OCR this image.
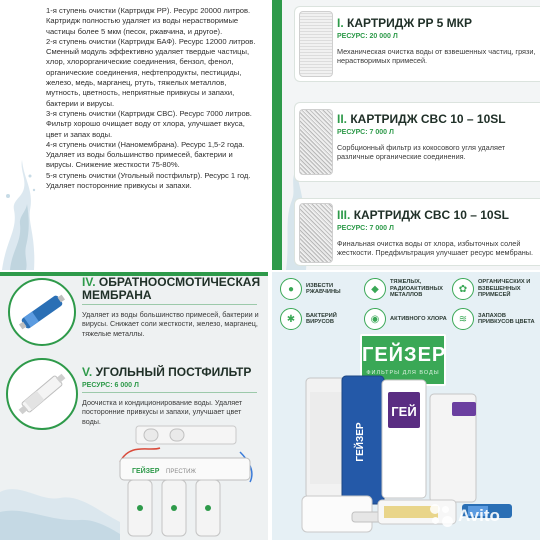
1-я ступень очистки (Картридж PP). Ресурс 20000 литров. Картридж полностью удаляет из воды нерастворимые частицы более 5 мкм (песок, ржавчина, и другое).
2-я ступень очистки (Картридж БАФ). Ресурс 12000 литров. Сменный модуль эффективно удаляет твердые частицы, хлор, хлорорганические соединения, бензол, фенол, органические соединения, нефтепродукты, пестициды, железо, медь, марганец, ртуть, тяжелых металлов, мутность, цветность, неприятные привкусы и запахи, бактерии и вирусы.
3-я ступень очистки (Картридж CBC). Ресурс 7000 литров. Фильтр хорошо очищает воду от хлора, улучшает вкуса, цвет и запах воды.
4-я ступень очистки (Наномембрана). Ресурс 1,5-2 года. Удаляет из воды большинство примесей, бактерии и вирусы. Снижение жесткости 75-80%.
5-я ступень очистки (Угольный постфильтр). Ресурс 1 год. Удаляет посторонние привкусы и запахи.
I. КАРТРИДЖ PP 5 МКР
РЕСУРС: 20 000 Л
Механическая очистка воды от взвешенных частиц, грязи, нерастворимых примесей.
II. КАРТРИДЖ CBC 10 – 10SL
РЕСУРС: 7 000 Л
Сорбционный фильтр из кокосового угля удаляет различные органические соединения.
III. КАРТРИДЖ CBC 10 – 10SL
РЕСУРС: 7 000 Л
Финальная очистка воды от хлора, избыточных солей жесткости. Предфильтрация улучшает ресурс мембраны.
IV. ОБРАТНООСМОТИЧЕСКАЯ
МЕМБРАНА
Удаляет из воды большинство примесей, бактерии и вирусы. Снижает соли жесткости, железо, марганец, тяжелые металлы.
V. УГОЛЬНЫЙ ПОСТФИЛЬТР
РЕСУРС: 6 000 Л
Доочистка и кондиционирование воды. Удаляет посторонние привкусы и запахи, улучшает цвет воды.
ГЕЙЗЕР ПРЕСТИЖ
●	ИЗВЕСТИ РЖАВЧИНЫ	◆
ТЯЖЕЛЫХ, РАДИОАКТИВНЫХ МЕТАЛЛОВ
✿
ОРГАНИЧЕСКИХ И ВЗВЕШЕННЫХ ПРИМЕСЕЙ
✱	БАКТЕРИЙ ВИРУСОВ	◉	АКТИВНОГО ХЛОРА	≋	ЗАПАХОВ ПРИВКУСОВ ЦВЕТА
ГЕЙЗЕР
ФИЛЬТРЫ ДЛЯ ВОДЫ
ГЕЙЗЕР
ГЕЙ
Avito
